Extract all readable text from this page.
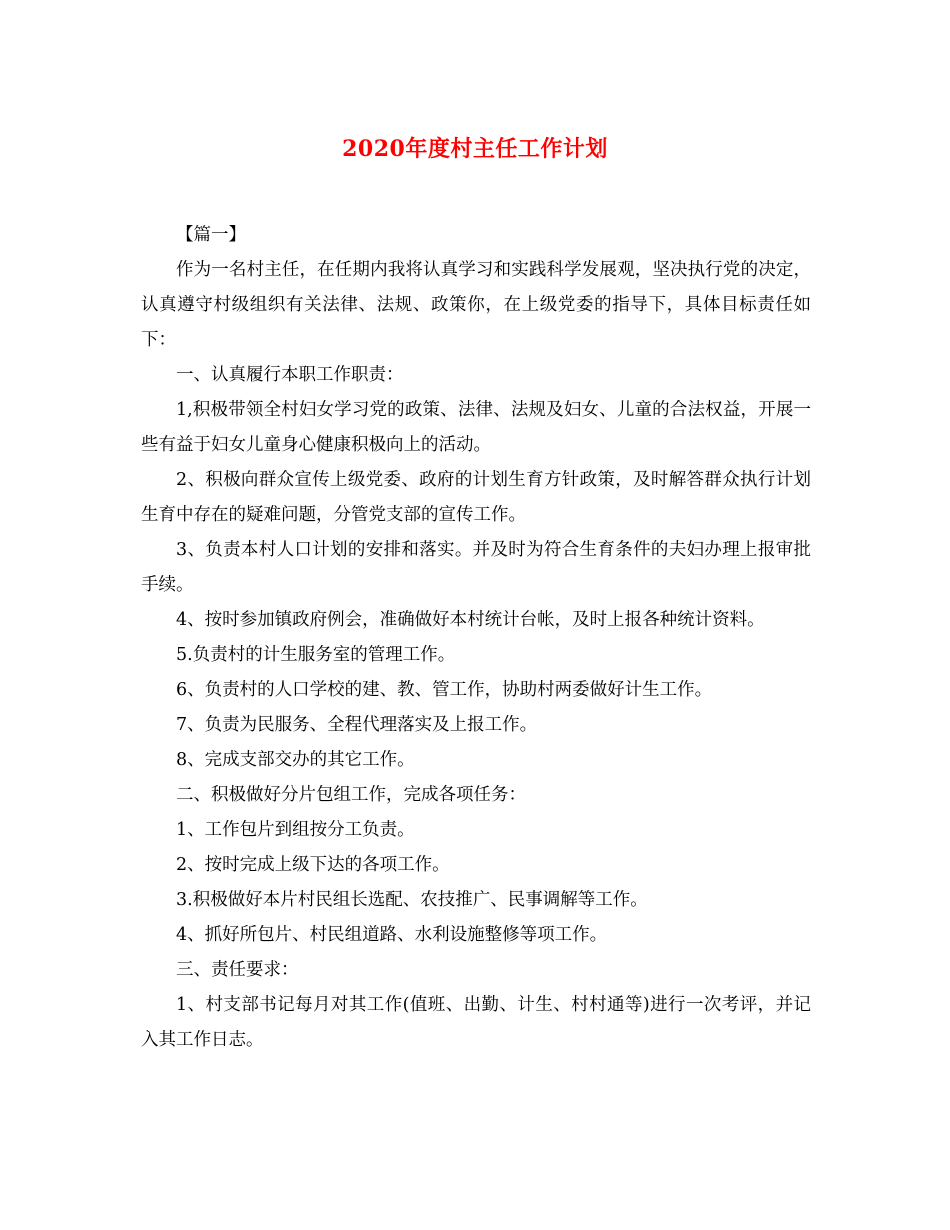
2020年度村主任工作计划

【篇一】

作为一名村主任，在任期内我将认真学习和实践科学发展观，坚决执行党的决定，认真遵守村级组织有关法律、法规、政策你，在上级党委的指导下，具体目标责任如下：

一、认真履行本职工作职责：

1,积极带领全村妇女学习党的政策、法律、法规及妇女、儿童的合法权益，开展一些有益于妇女儿童身心健康积极向上的活动。

2、积极向群众宣传上级党委、政府的计划生育方针政策，及时解答群众执行计划生育中存在的疑难问题，分管党支部的宣传工作。

3、负责本村人口计划的安排和落实。并及时为符合生育条件的夫妇办理上报审批手续。

4、按时参加镇政府例会，准确做好本村统计台帐，及时上报各种统计资料。

5.负责村的计生服务室的管理工作。

6、负责村的人口学校的建、教、管工作，协助村两委做好计生工作。

7、负责为民服务、全程代理落实及上报工作。

8、完成支部交办的其它工作。

二、积极做好分片包组工作，完成各项任务：

1、工作包片到组按分工负责。

2、按时完成上级下达的各项工作。

3.积极做好本片村民组长选配、农技推广、民事调解等工作。

4、抓好所包片、村民组道路、水利设施整修等项工作。

三、责任要求：

1、村支部书记每月对其工作(值班、出勤、计生、村村通等)进行一次考评，并记入其工作日志。
